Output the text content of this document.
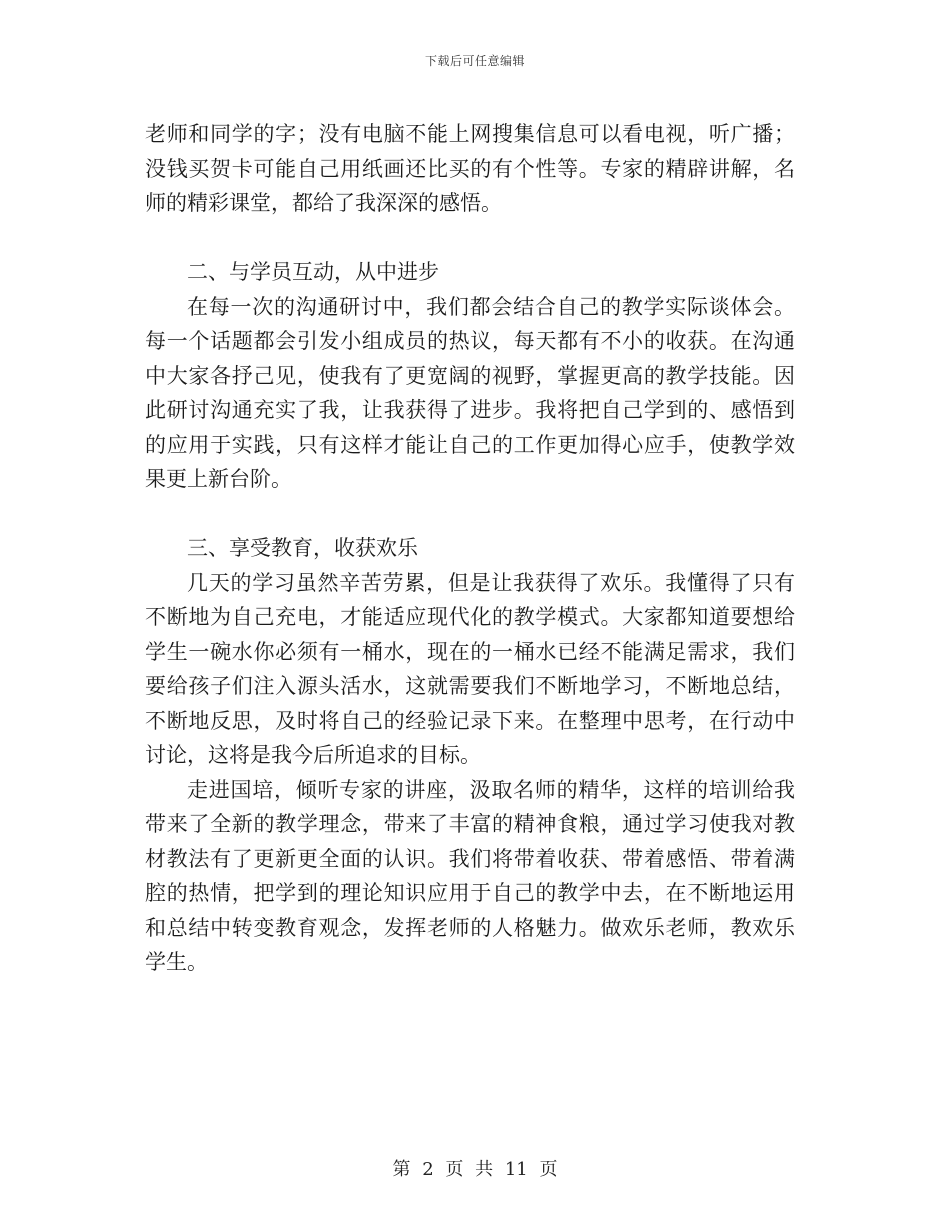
下载后可任意编辑
老师和同学的字；没有电脑不能上网搜集信息可以看电视，听广播；
没钱买贺卡可能自己用纸画还比买的有个性等。专家的精辟讲解，名
师的精彩课堂，都给了我深深的感悟。
二、与学员互动，从中进步
在每一次的沟通研讨中，我们都会结合自己的教学实际谈体会。
每一个话题都会引发小组成员的热议，每天都有不小的收获。在沟通
中大家各抒己见，使我有了更宽阔的视野，掌握更高的教学技能。因
此研讨沟通充实了我，让我获得了进步。我将把自己学到的、感悟到
的应用于实践，只有这样才能让自己的工作更加得心应手，使教学效
果更上新台阶。
三、享受教育，收获欢乐
几天的学习虽然辛苦劳累，但是让我获得了欢乐。我懂得了只有
不断地为自己充电，才能适应现代化的教学模式。大家都知道要想给
学生一碗水你必须有一桶水，现在的一桶水已经不能满足需求，我们
要给孩子们注入源头活水，这就需要我们不断地学习，不断地总结，
不断地反思，及时将自己的经验记录下来。在整理中思考，在行动中
讨论，这将是我今后所追求的目标。
走进国培，倾听专家的讲座，汲取名师的精华，这样的培训给我
带来了全新的教学理念，带来了丰富的精神食粮，通过学习使我对教
材教法有了更新更全面的认识。我们将带着收获、带着感悟、带着满
腔的热情，把学到的理论知识应用于自己的教学中去，在不断地运用
和总结中转变教育观念，发挥老师的人格魅力。做欢乐老师，教欢乐
学生。
第 2 页 共 11 页
